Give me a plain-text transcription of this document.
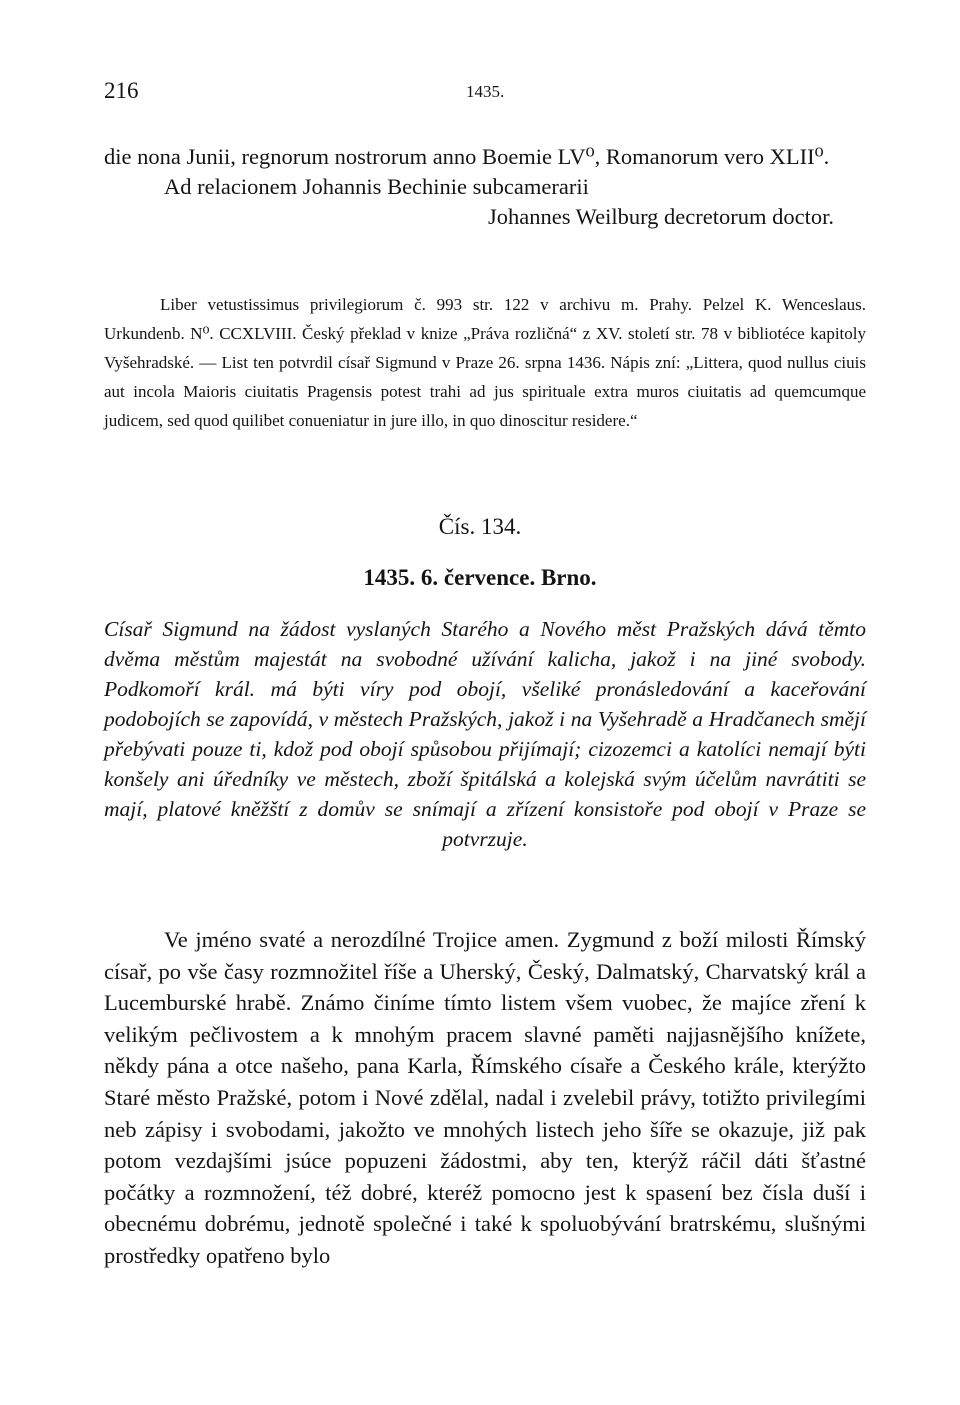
216	1435.

die nona Junii, regnorum nostrorum anno Boemie LV⁰, Romanorum vero XLII⁰.

Ad relacionem Johannis Bechinie subcamerarii

Johannes Weilburg decretorum doctor.

Liber vetustissimus privilegiorum č. 993 str. 122 v archivu m. Prahy. Pelzel K. Wenceslaus. Urkundenb. N⁰. CCXLVIII. Český překlad v knize „Práva rozličná“ z XV. století str. 78 v bibliotéce kapitoly Vyšehradské. — List ten potvrdil císař Sigmund v Praze 26. srpna 1436. Nápis zní: „Littera, quod nullus ciuis aut incola Maioris ciuitatis Pragensis potest trahi ad jus spirituale extra muros ciuitatis ad quemcumque judicem, sed quod quilibet conueniatur in jure illo, in quo dinoscitur residere.“

Čís. 134.

1435. 6. července. Brno.

Císař Sigmund na žádost vyslaných Starého a Nového měst Pražských dává těmto dvěma městům majestát na svobodné užívání kalicha, jakož i na jiné svobody. Podkomoří král. má býti víry pod obojí, všeliké pronásledování a kaceřování podobojích se zapovídá, v městech Pražských, jakož i na Vyšehradě a Hradčanech smějí přebývati pouze ti, kdož pod obojí spůsobou přijímají; cizozemci a katolíci nemají býti konšely ani úředníky ve městech, zboží špitálská a kolejská svým účelům navrátiti se mají, platové kněžští z domův se snímají a zřízení konsistoře pod obojí v Praze se potvrzuje.

Ve jméno svaté a nerozdílné Trojice amen. Zygmund z boží milosti Římský císař, po vše časy rozmnožitel říše a Uherský, Český, Dalmatský, Charvatský král a Lucemburské hrabě. Známo činíme tímto listem všem vuobec, že majíce zření k velikým pečlivostem a k mnohým pracem slavné paměti najjasnějšího knížete, někdy pána a otce našeho, pana Karla, Římského císaře a Českého krále, kterýžto Staré město Pražské, potom i Nové zdělal, nadal i zvelebil právy, totižto privilegími neb zápisy i svobodami, jakožto ve mnohých listech jeho šíře se okazuje, již pak potom vezdajšími jsúce popuzeni žádostmi, aby ten, kterýž ráčil dáti šťastné počátky a rozmnožení, též dobré, kteréž pomocno jest k spasení bez čísla duší i obecnému dobrému, jednotě společné i také k spoluobývání bratrskému, slušnými prostředky opatřeno bylo
